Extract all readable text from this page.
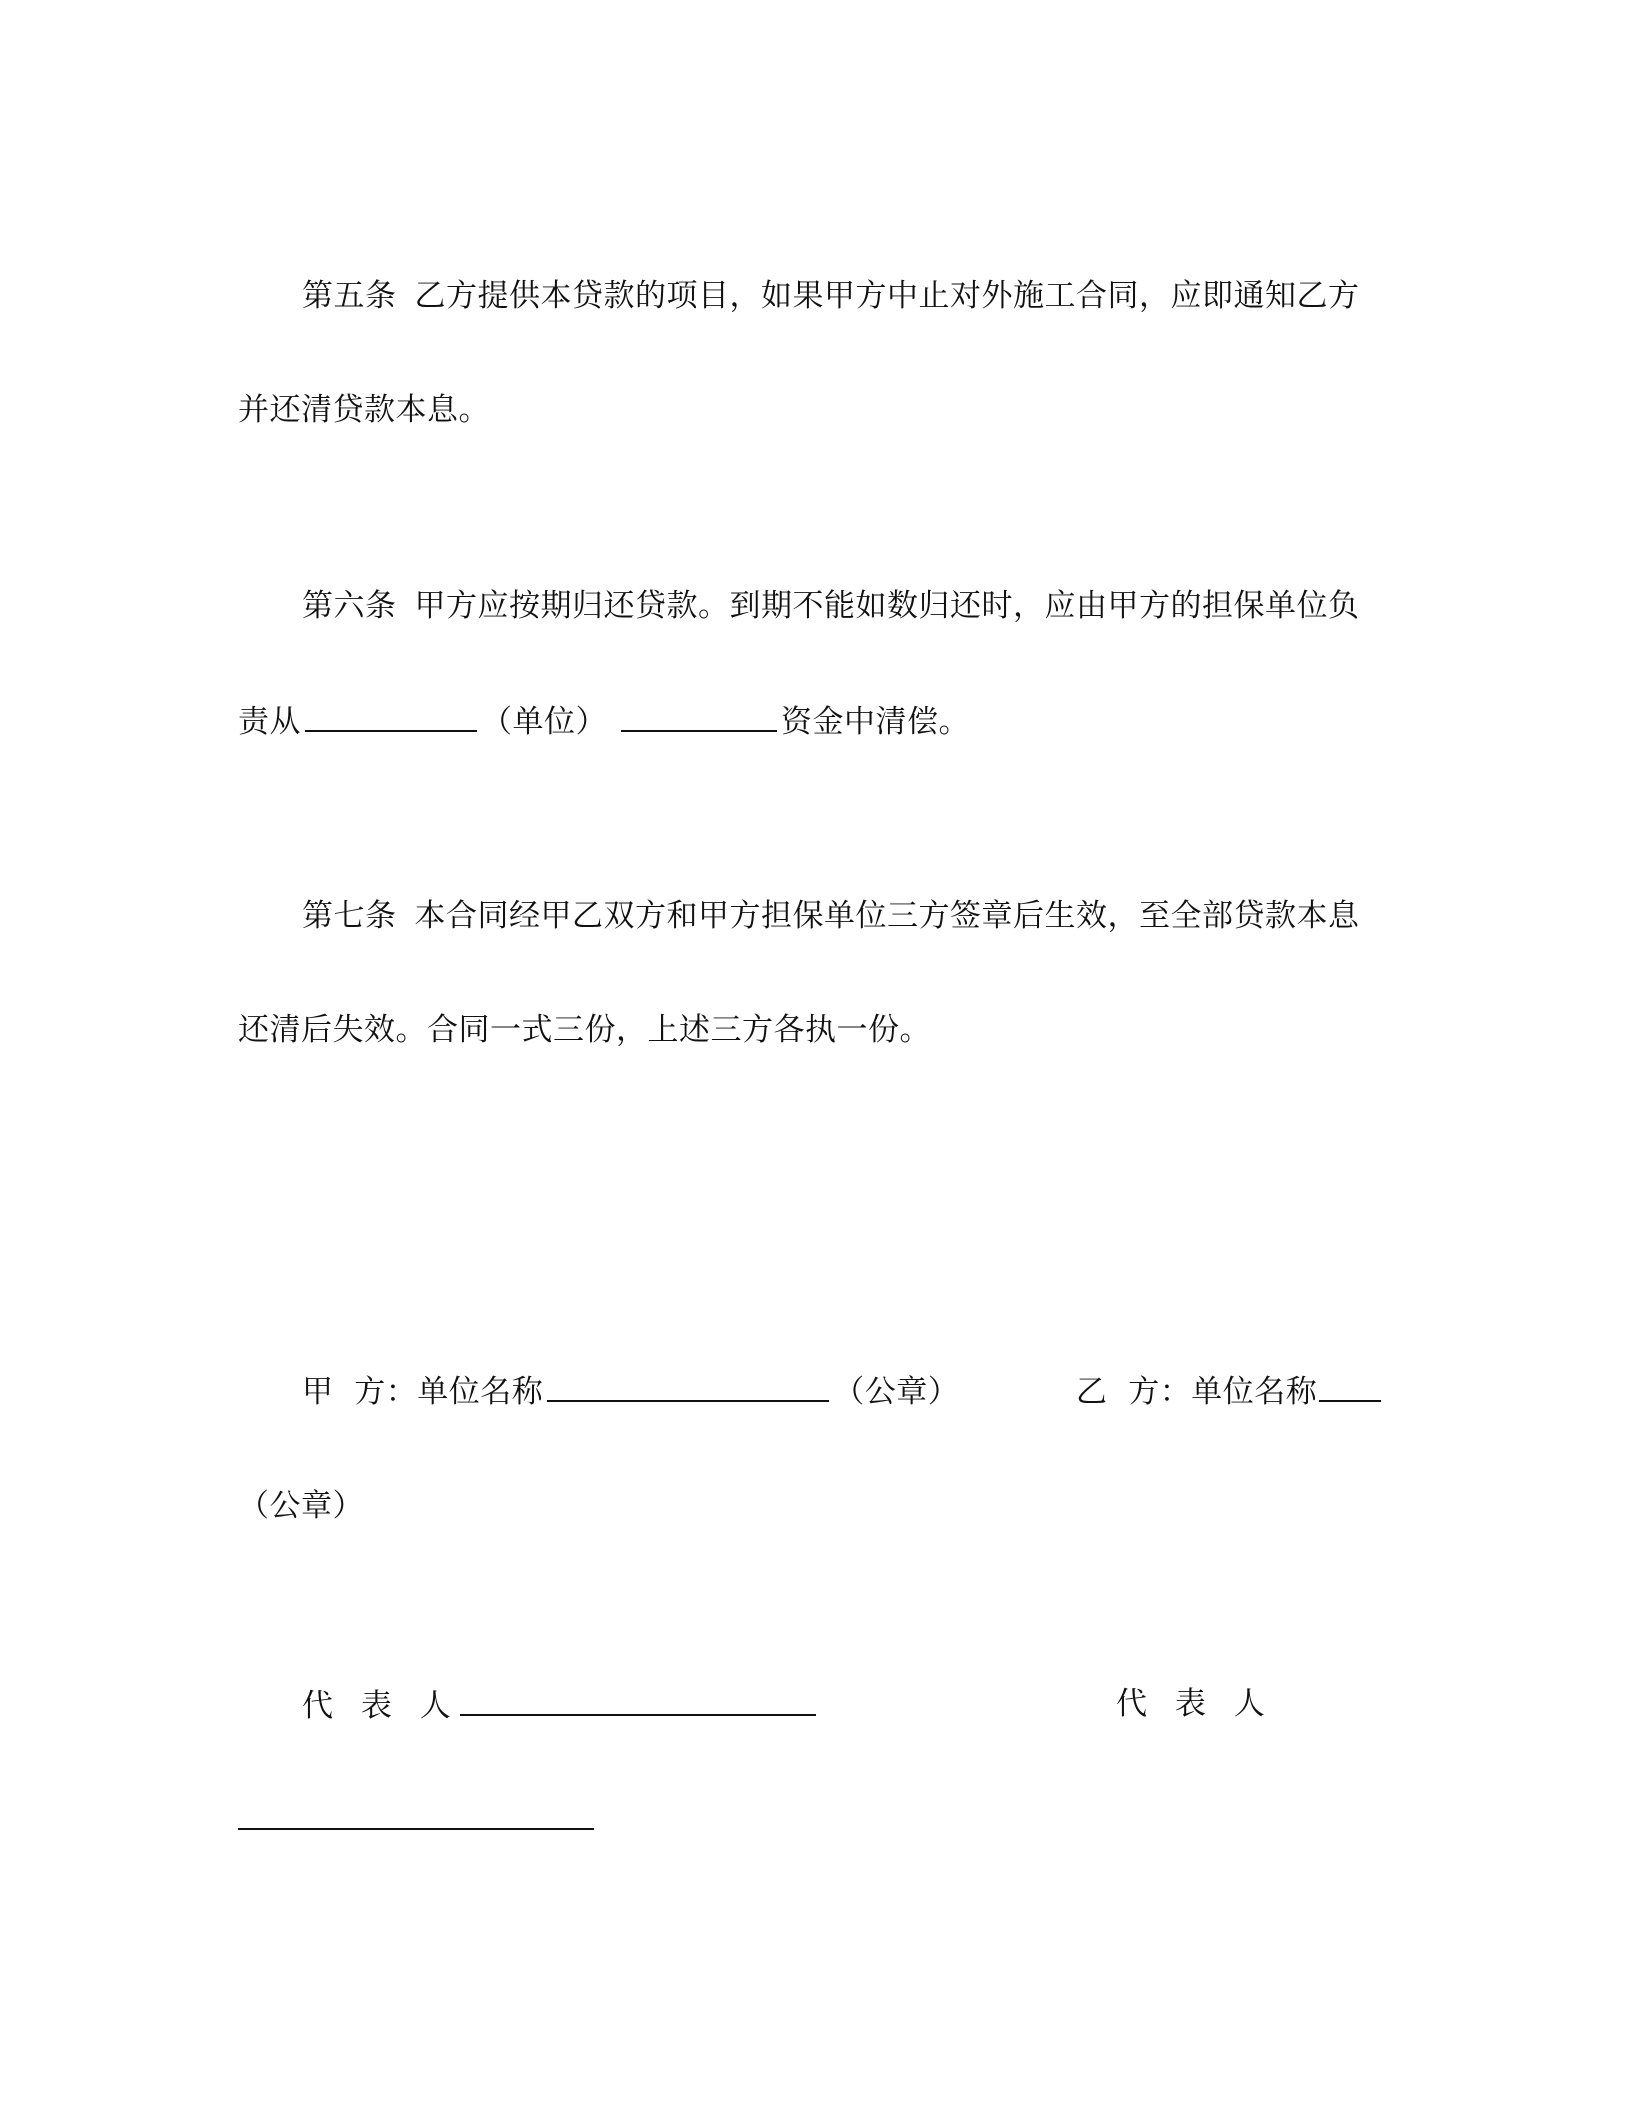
第五条 乙方提供本贷款的项目，如果甲方中止对外施工合同，应即通知乙方
并还清贷款本息。
第六条 甲方应按期归还贷款。到期不能如数归还时，应由甲方的担保单位负
责从	（单位）	资金中清偿。
第七条 本合同经甲乙双方和甲方担保单位三方签章后生效，至全部贷款本息
还清后失效。合同一式三份，上述三方各执一份。
甲  方：单位名称	（公章）	乙  方：单位名称
（公章）
代 表 人	代 表 人
